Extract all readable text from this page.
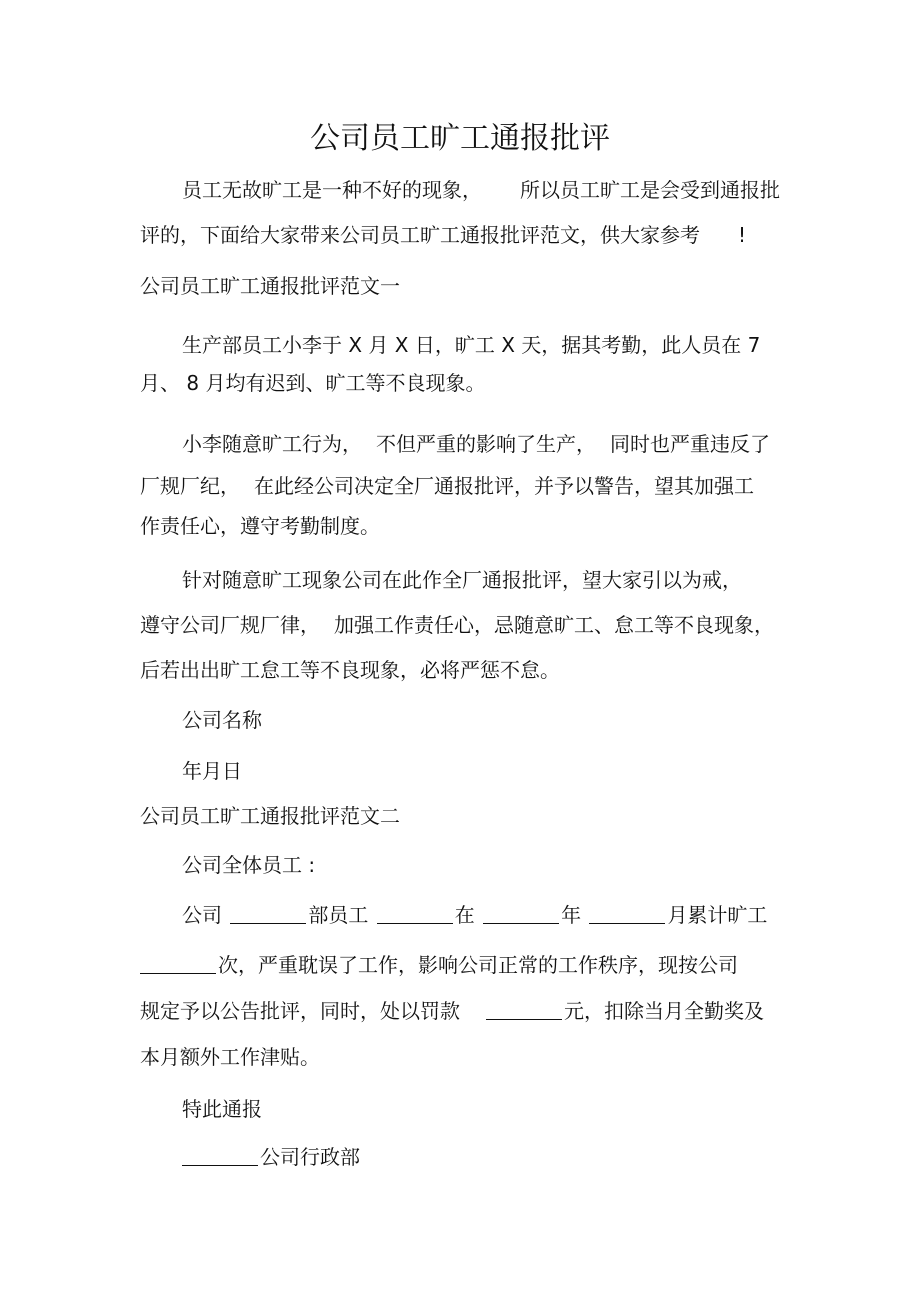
公司员工旷工通报批评
员工无故旷工是一种不好的现象， 所以员工旷工是会受到通报批
评的，下面给大家带来公司员工旷工通报批评范文，供大家参考 !
公司员工旷工通报批评范文一
生产部员工小李于 X 月 X 日，旷工 X 天，据其考勤，此人员在 7
月、 8 月均有迟到、旷工等不良现象。
小李随意旷工行为， 不但严重的影响了生产， 同时也严重违反了
厂规厂纪， 在此经公司决定全厂通报批评，并予以警告，望其加强工
作责任心，遵守考勤制度。
针对随意旷工现象公司在此作全厂通报批评，望大家引以为戒，
遵守公司厂规厂律， 加强工作责任心，忌随意旷工、怠工等不良现象，
后若出出旷工怠工等不良现象，必将严惩不怠。
公司名称
年月日
公司员工旷工通报批评范文二
公司全体员工 :
公司	部员工	在	年	月累计旷工
次，严重耽误了工作，影响公司正常的工作秩序，现按公司
规定予以公告批评，同时，处以罚款	元，扣除当月全勤奖及
本月额外工作津贴。
特此通报
公司行政部
